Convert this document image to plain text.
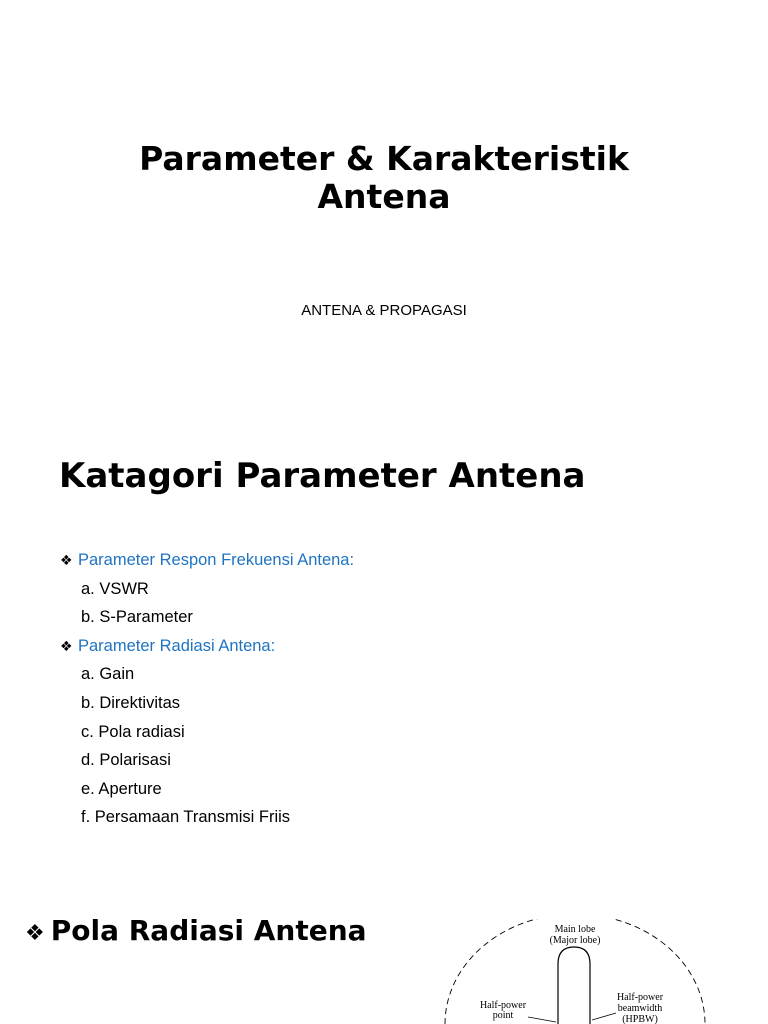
Parameter & Karakteristik
Antena
ANTENA & PROPAGASI
Katagori Parameter Antena
❖ Parameter Respon Frekuensi Antena:
a. VSWR
b. S-Parameter
❖ Parameter Radiasi Antena:
a. Gain
b. Direktivitas
c. Pola radiasi
d. Polarisasi
e. Aperture
f. Persamaan Transmisi Friis
❖ Pola Radiasi Antena	Main lobe
(Major lobe)
Half-power
point
Half-power
beamwidth
(HPBW)
